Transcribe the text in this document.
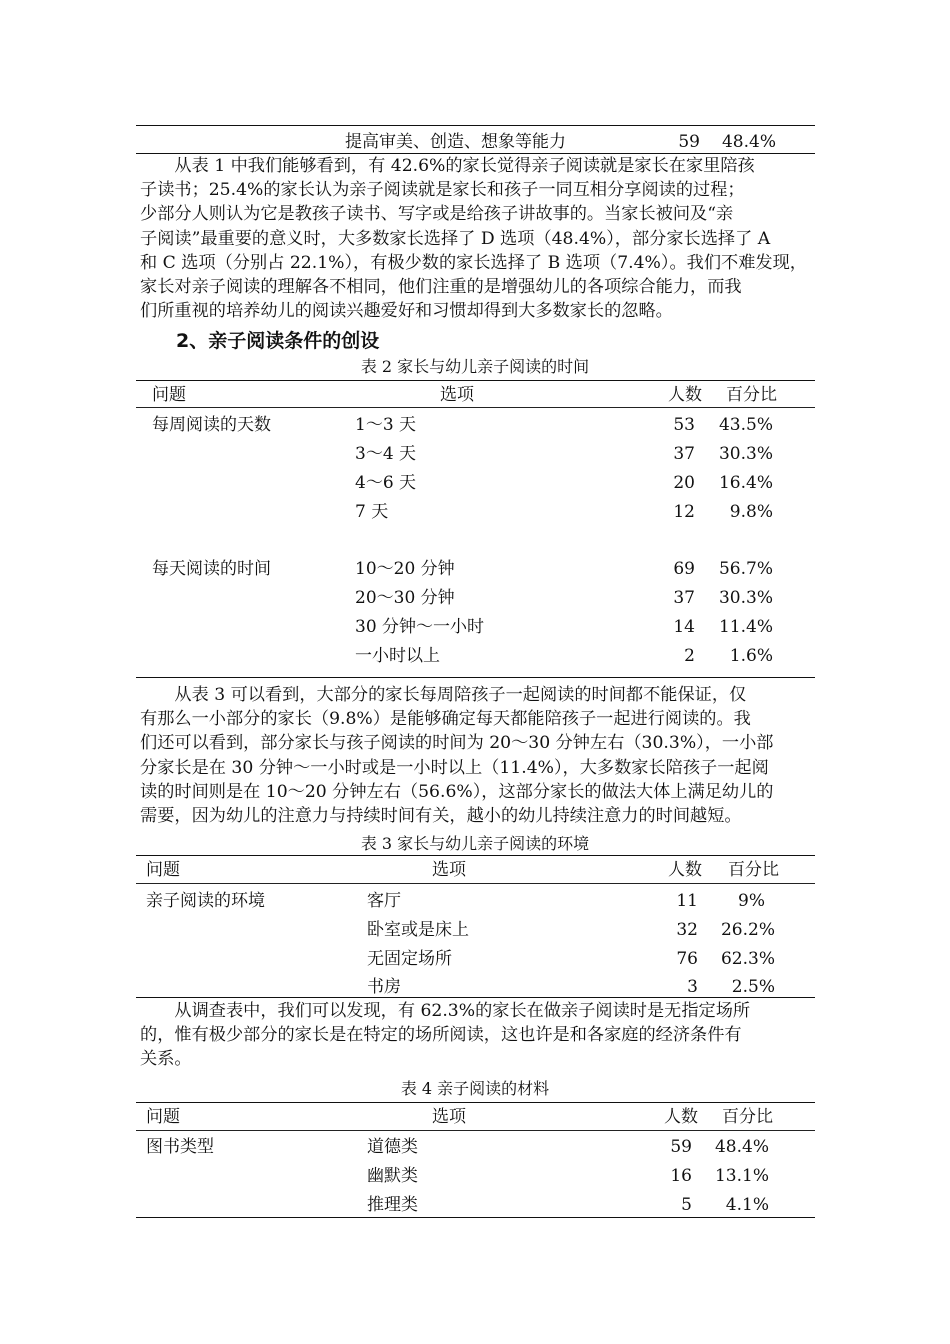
提高审美、创造、想象等能力	59	48.4%
　　从表 1 中我们能够看到，有 42.6%的家长觉得亲子阅读就是家长在家里陪孩
子读书；25.4%的家长认为亲子阅读就是家长和孩子一同互相分享阅读的过程；
少部分人则认为它是教孩子读书、写字或是给孩子讲故事的。当家长被问及“亲
子阅读”最重要的意义时，大多数家长选择了 D 选项（48.4%），部分家长选择了 A
和 C 选项（分别占 22.1%），有极少数的家长选择了 B 选项（7.4%）。我们不难发现，
家长对亲子阅读的理解各不相同，他们注重的是增强幼儿的各项综合能力，而我
们所重视的培养幼儿的阅读兴趣爱好和习惯却得到大多数家长的忽略。
2、亲子阅读条件的创设
表 2 家长与幼儿亲子阅读的时间
问题	选项	人数 百分比
每周阅读的天数	1～3 天	53	43.5%
3～4 天	37	30.3%
4～6 天	20	16.4%
7 天	12	9.8%
每天阅读的时间	10～20 分钟	69	56.7%
20～30 分钟	37	30.3%
30 分钟～一小时	14	11.4%
一小时以上	2	1.6%
　　从表 3 可以看到，大部分的家长每周陪孩子一起阅读的时间都不能保证，仅
有那么一小部分的家长（9.8%）是能够确定每天都能陪孩子一起进行阅读的。我
们还可以看到，部分家长与孩子阅读的时间为 20～30 分钟左右（30.3%），一小部
分家长是在 30 分钟～一小时或是一小时以上（11.4%），大多数家长陪孩子一起阅
读的时间则是在 10～20 分钟左右（56.6%），这部分家长的做法大体上满足幼儿的
需要，因为幼儿的注意力与持续时间有关，越小的幼儿持续注意力的时间越短。
表 3 家长与幼儿亲子阅读的环境
问题	选项	人数 百分比
亲子阅读的环境	客厅	11 9%
卧室或是床上	32	26.2%
无固定场所	76	62.3%
书房	3	2.5%
　　从调查表中，我们可以发现，有 62.3%的家长在做亲子阅读时是无指定场所
的，惟有极少部分的家长是在特定的场所阅读，这也许是和各家庭的经济条件有
关系。
表 4 亲子阅读的材料
问题	选项	人数 百分比
图书类型	道德类	59	48.4%
幽默类	16	13.1%
推理类	5	4.1%
